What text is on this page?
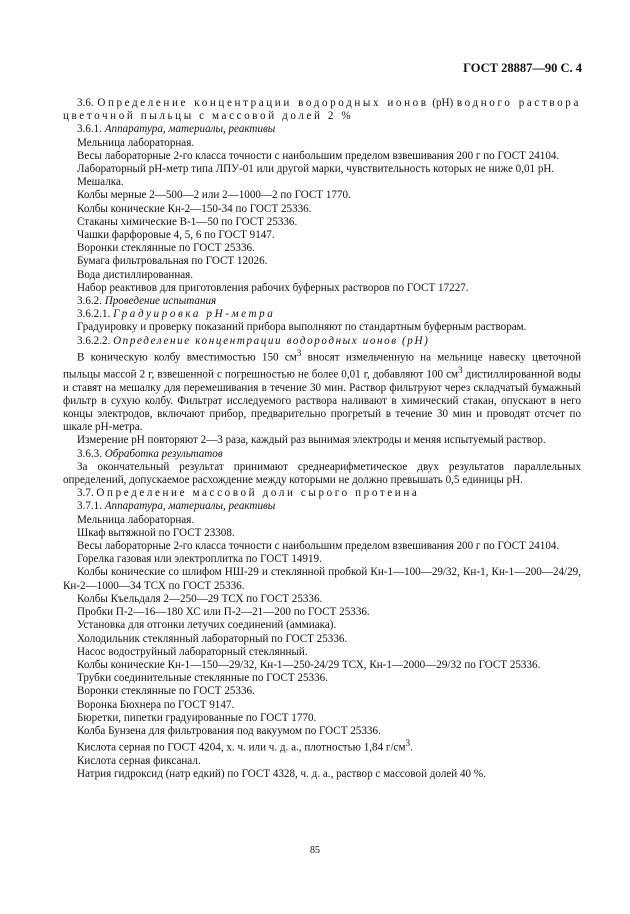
ГОСТ 28887—90 С. 4

3.6. Определение концентрации водородных ионов (рН) водного раствора цветочной пыльцы с массовой долей 2 %

3.6.1. Аппаратура, материалы, реактивы

Мельница лабораторная.

Весы лабораторные 2-го класса точности с наибольшим пределом взвешивания 200 г по ГОСТ 24104.

Лабораторный рН-метр типа ЛПУ-01 или другой марки, чувствительность которых не ниже 0,01 рН.

Мешалка.

Колбы мерные 2—500—2 или 2—1000—2 по ГОСТ 1770.

Колбы конические Кн-2—150-34 по ГОСТ 25336.

Стаканы химические В-1—50 по ГОСТ 25336.

Чашки фарфоровые 4, 5, 6 по ГОСТ 9147.

Воронки стеклянные по ГОСТ 25336.

Бумага фильтровальная по ГОСТ 12026.

Вода дистиллированная.

Набор реактивов для приготовления рабочих буферных растворов по ГОСТ 17227.

3.6.2. Проведение испытания

3.6.2.1. Градуировка рН-метра

Градуировку и проверку показаний прибора выполняют по стандартным буферным растворам.

3.6.2.2. Определение концентрации водородных ионов (рН)

В коническую колбу вместимостью 150 $см^3$ вносят измельченную на мельнице навеску цветочной пыльцы массой 2 г, взвешенной с погрешностью не более 0,01 г, добавляют 100 $см^3$ дистиллированной воды и ставят на мешалку для перемешивания в течение 30 мин. Раствор фильтруют через складчатый бумажный фильтр в сухую колбу. Фильтрат исследуемого раствора наливают в химический стакан, опускают в него концы электродов, включают прибор, предварительно прогретый в течение 30 мин и проводят отсчет по шкале рН-метра.

Измерение рН повторяют 2—3 раза, каждый раз вынимая электроды и меняя испытуемый раствор.

3.6.3. Обработка результатов

За окончательный результат принимают среднеарифметическое двух результатов параллельных определений, допускаемое расхождение между которыми не должно превышать 0,5 единицы рН.

3.7. Определение массовой доли сырого протеина

3.7.1. Аппаратура, материалы, реактивы

Мельница лабораторная.

Шкаф вытяжной по ГОСТ 23308.

Весы лабораторные 2-го класса точности с наибольшим пределом взвешивания 200 г по ГОСТ 24104.

Горелка газовая или электроплитка по ГОСТ 14919.

Колбы конические со шлифом НШ-29 и стеклянной пробкой Кн-1—100—29/32, Кн-1, Кн-1—200—24/29, Кн-2—1000—34 ТСХ по ГОСТ 25336.

Колбы Къельдаля 2—250—29 ТСХ по ГОСТ 25336.

Пробки П-2—16—180 ХС или П-2—21—200 по ГОСТ 25336.

Установка для отгонки летучих соединений (аммиака).

Холодильник стеклянный лабораторный по ГОСТ 25336.

Насос водоструйный лабораторный стеклянный.

Колбы конические Кн-1—150—29/32, Кн-1—250-24/29 ТСХ, Кн-1—2000—29/32 по ГОСТ 25336.

Трубки соединительные стеклянные по ГОСТ 25336.

Воронки стеклянные по ГОСТ 25336.

Воронка Бюхнера по ГОСТ 9147.

Бюретки, пипетки градуированные по ГОСТ 1770.

Колба Бунзена для фильтрования под вакуумом по ГОСТ 25336.

Кислота серная по ГОСТ 4204, х. ч. или ч. д. а., плотностью 1,84 $г/см^3$.

Кислота серная фиксанал.

Натрия гидроксид (натр едкий) по ГОСТ 4328, ч. д. а., раствор с массовой долей 40 %.

85
